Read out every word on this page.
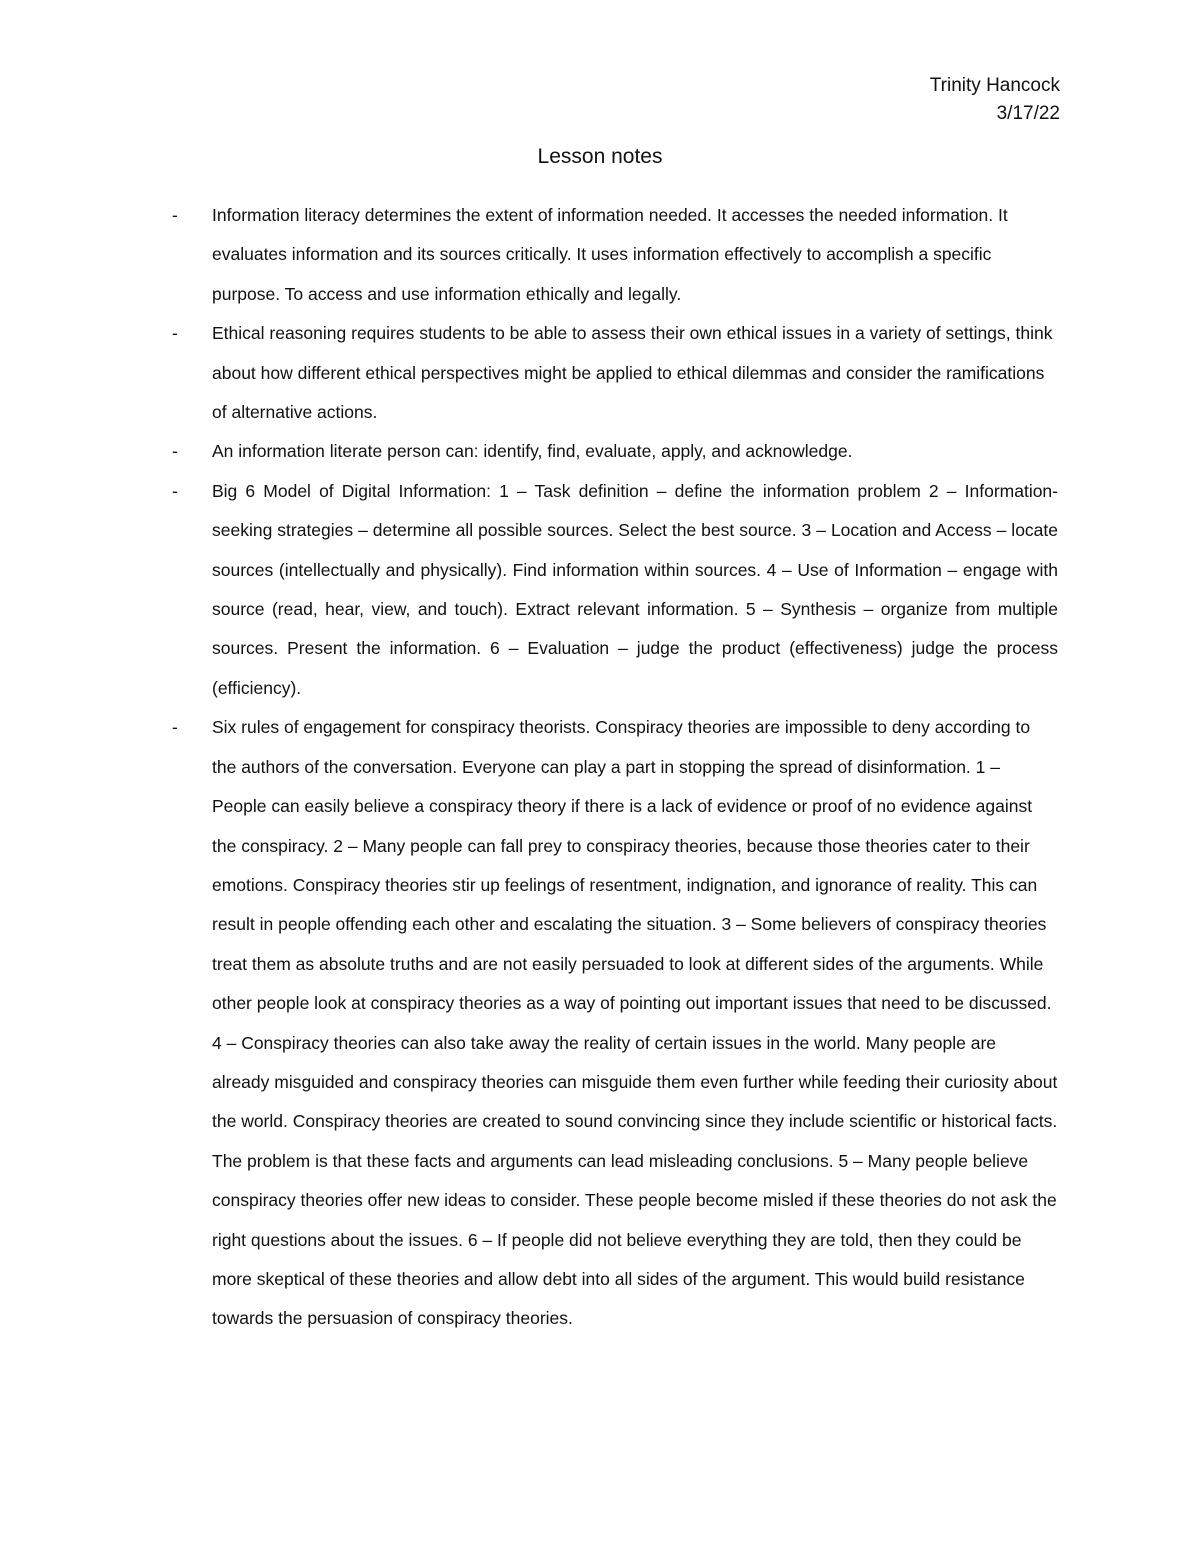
Trinity Hancock
3/17/22
Lesson notes
-	Information literacy determines the extent of information needed. It accesses the needed information. It evaluates information and its sources critically. It uses information effectively to accomplish a specific purpose. To access and use information ethically and legally.
-	Ethical reasoning requires students to be able to assess their own ethical issues in a variety of settings, think about how different ethical perspectives might be applied to ethical dilemmas and consider the ramifications of alternative actions.
-	An information literate person can: identify, find, evaluate, apply, and acknowledge.
-	Big 6 Model of Digital Information: 1 – Task definition – define the information problem 2 – Information-seeking strategies – determine all possible sources. Select the best source. 3 – Location and Access – locate sources (intellectually and physically). Find information within sources. 4 – Use of Information – engage with source (read, hear, view, and touch). Extract relevant information. 5 – Synthesis – organize from multiple sources. Present the information. 6 – Evaluation – judge the product (effectiveness) judge the process (efficiency).
-	Six rules of engagement for conspiracy theorists. Conspiracy theories are impossible to deny according to the authors of the conversation. Everyone can play a part in stopping the spread of disinformation. 1 – People can easily believe a conspiracy theory if there is a lack of evidence or proof of no evidence against the conspiracy. 2 – Many people can fall prey to conspiracy theories, because those theories cater to their emotions. Conspiracy theories stir up feelings of resentment, indignation, and ignorance of reality. This can result in people offending each other and escalating the situation. 3 – Some believers of conspiracy theories treat them as absolute truths and are not easily persuaded to look at different sides of the arguments. While other people look at conspiracy theories as a way of pointing out important issues that need to be discussed. 4 – Conspiracy theories can also take away the reality of certain issues in the world. Many people are already misguided and conspiracy theories can misguide them even further while feeding their curiosity about the world. Conspiracy theories are created to sound convincing since they include scientific or historical facts. The problem is that these facts and arguments can lead misleading conclusions. 5 – Many people believe conspiracy theories offer new ideas to consider. These people become misled if these theories do not ask the right questions about the issues. 6 – If people did not believe everything they are told, then they could be more skeptical of these theories and allow debt into all sides of the argument. This would build resistance towards the persuasion of conspiracy theories.
